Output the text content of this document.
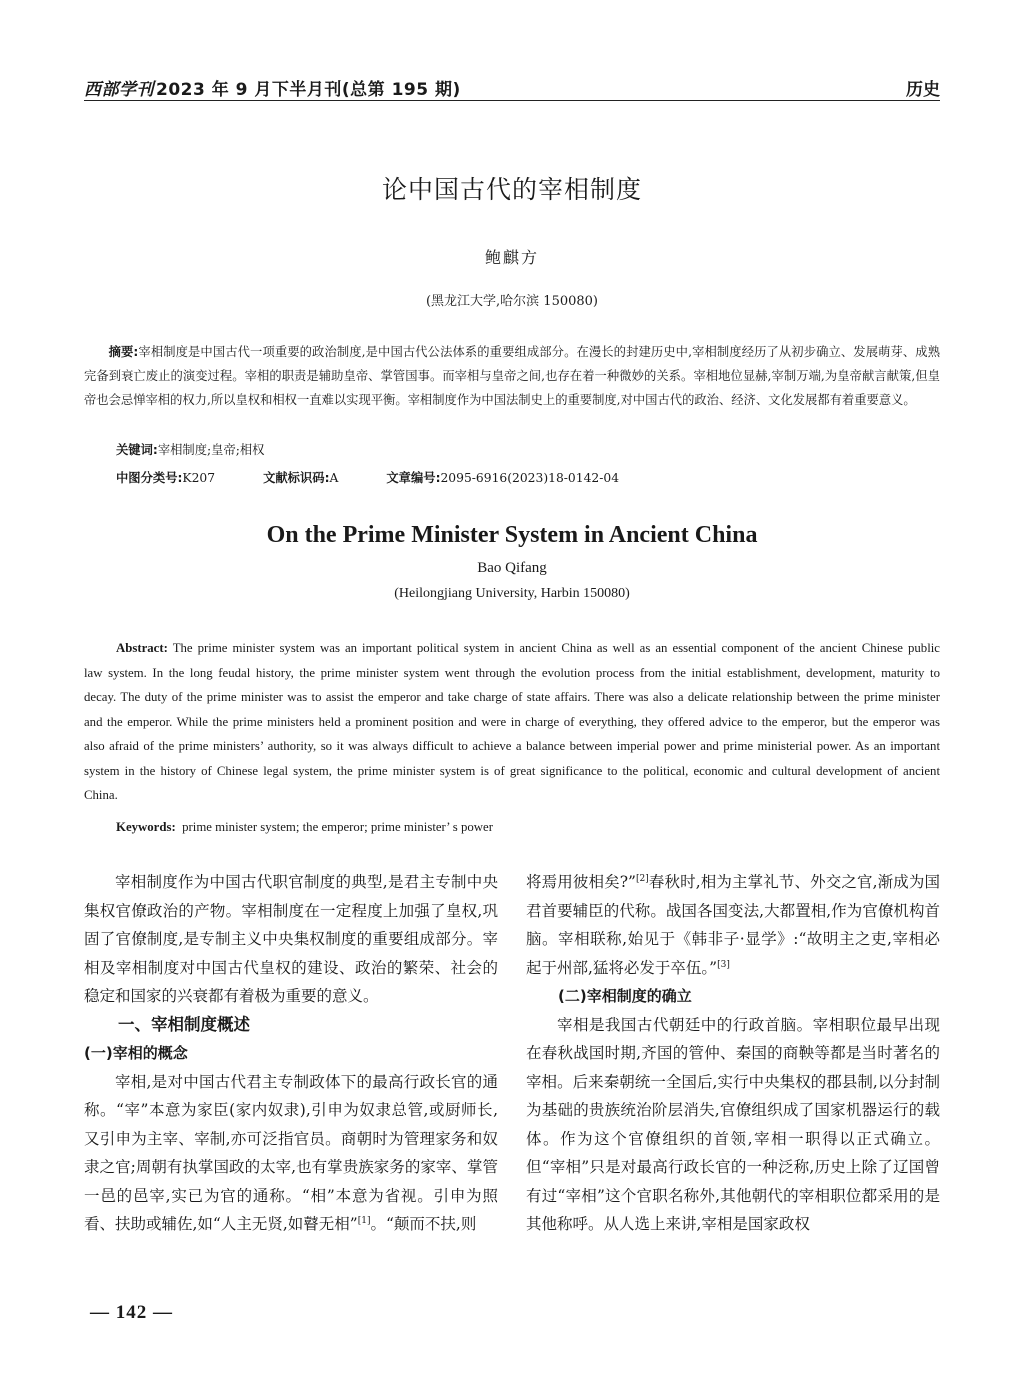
西部学刊 2023 年 9 月下半月刊(总第 195 期)	历史
论中国古代的宰相制度
鲍麒方
(黑龙江大学,哈尔滨 150080)
摘要:宰相制度是中国古代一项重要的政治制度,是中国古代公法体系的重要组成部分。在漫长的封建历史中,宰相制度经历了从初步确立、发展萌芽、成熟完备到衰亡废止的演变过程。宰相的职责是辅助皇帝、掌管国事。而宰相与皇帝之间,也存在着一种微妙的关系。宰相地位显赫,宰制万端,为皇帝献言献策,但皇帝也会忌惮宰相的权力,所以皇权和相权一直难以实现平衡。宰相制度作为中国法制史上的重要制度,对中国古代的政治、经济、文化发展都有着重要意义。
关键词:宰相制度;皇帝;相权
中图分类号:K207	文献标识码:A	文章编号:2095-6916(2023)18-0142-04
On the Prime Minister System in Ancient China
Bao Qifang
(Heilongjiang University, Harbin 150080)
Abstract: The prime minister system was an important political system in ancient China as well as an essential component of the ancient Chinese public law system. In the long feudal history, the prime minister system went through the evolution process from the initial establishment, development, maturity to decay. The duty of the prime minister was to assist the emperor and take charge of state affairs. There was also a delicate relationship between the prime minister and the emperor. While the prime ministers held a prominent position and were in charge of everything, they offered advice to the emperor, but the emperor was also afraid of the prime ministers’ authority, so it was always difficult to achieve a balance between imperial power and prime ministerial power. As an important system in the history of Chinese legal system, the prime minister system is of great significance to the political, economic and cultural development of ancient China.
Keywords: prime minister system; the emperor; prime minister’ s power

宰相制度作为中国古代职官制度的典型,是君主专制中央集权官僚政治的产物。宰相制度在一定程度上加强了皇权,巩固了官僚制度,是专制主义中央集权制度的重要组成部分。宰相及宰相制度对中国古代皇权的建设、政治的繁荣、社会的稳定和国家的兴衰都有着极为重要的意义。

一、宰相制度概述
(一)宰相的概念

宰相,是对中国古代君主专制政体下的最高行政长官的通称。“宰”本意为家臣(家内奴隶),引申为奴隶总管,或厨师长,又引申为主宰、宰制,亦可泛指官员。商朝时为管理家务和奴隶之官;周朝有执掌国政的太宰,也有掌贵族家务的家宰、掌管一邑的邑宰,实已为官的通称。“相”本意为省视。引申为照看、扶助或辅佐,如“人主无贤,如瞽无相”[1]。“颠而不扶,则

将焉用彼相矣?”[2]春秋时,相为主掌礼节、外交之官,渐成为国君首要辅臣的代称。战国各国变法,大都置相,作为官僚机构首脑。宰相联称,始见于《韩非子·显学》:“故明主之吏,宰相必起于州部,猛将必发于卒伍。”[3]

(二)宰相制度的确立

宰相是我国古代朝廷中的行政首脑。宰相职位最早出现在春秋战国时期,齐国的管仲、秦国的商鞅等都是当时著名的宰相。后来秦朝统一全国后,实行中央集权的郡县制,以分封制为基础的贵族统治阶层消失,官僚组织成了国家机器运行的载体。作为这个官僚组织的首领,宰相一职得以正式确立。但“宰相”只是对最高行政长官的一种泛称,历史上除了辽国曾有过“宰相”这个官职名称外,其他朝代的宰相职位都采用的是其他称呼。从人选上来讲,宰相是国家政权

— 142 —
